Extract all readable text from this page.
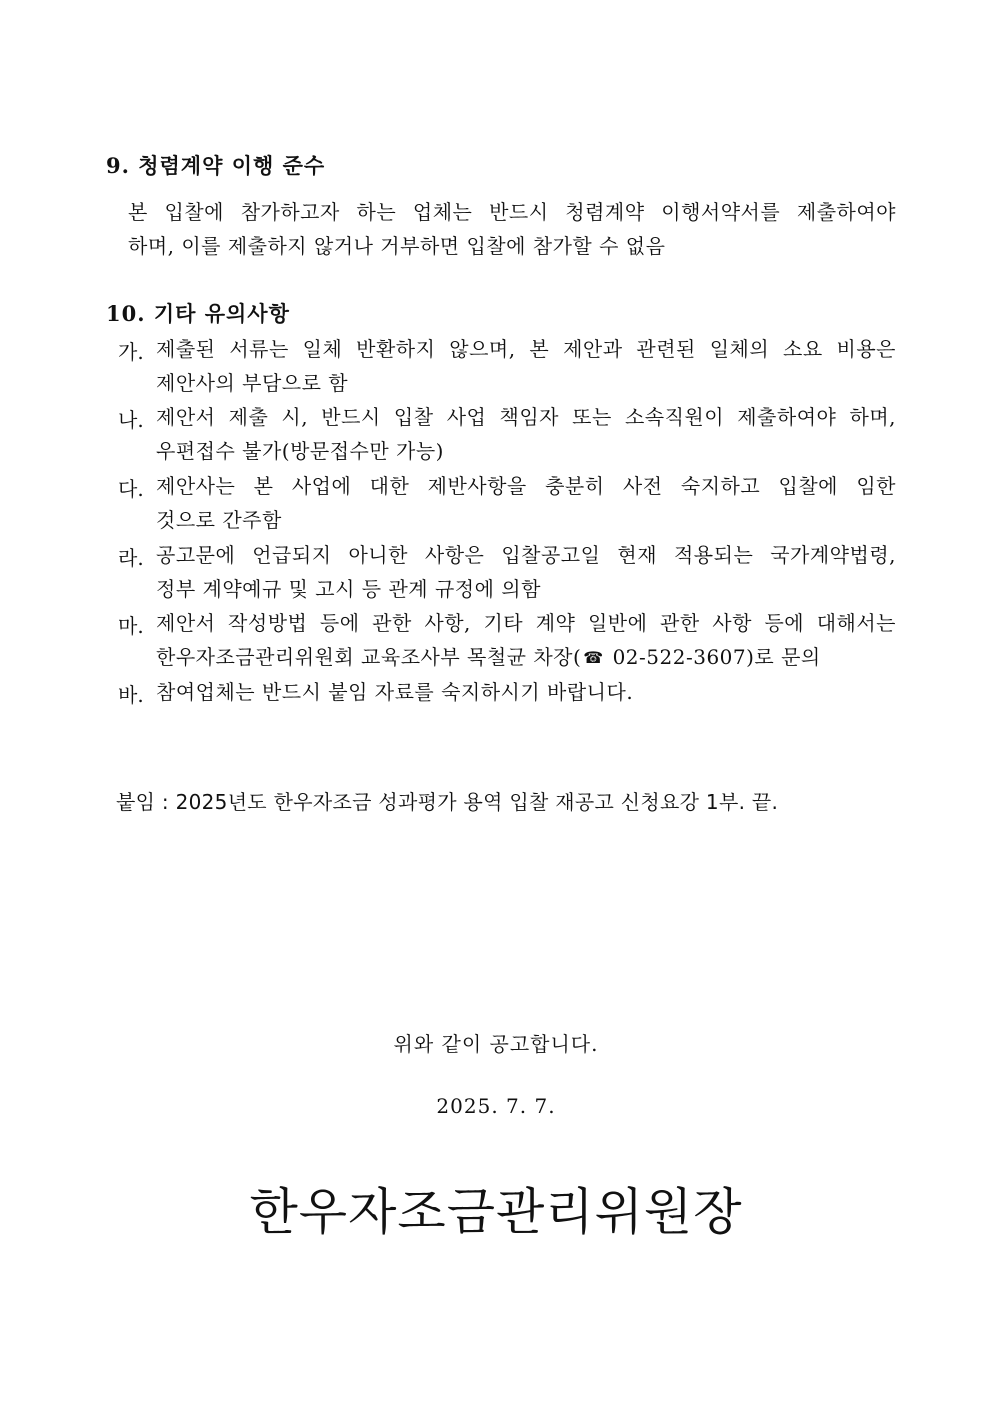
9. 청렴계약 이행 준수
본 입찰에 참가하고자 하는 업체는 반드시 청렴계약 이행서약서를 제출하여야
하며, 이를 제출하지 않거나 거부하면 입찰에 참가할 수 없음
10. 기타 유의사항
가. 제출된 서류는 일체 반환하지 않으며, 본 제안과 관련된 일체의 소요 비용은
제안사의 부담으로 함
나. 제안서 제출 시, 반드시 입찰 사업 책임자 또는 소속직원이 제출하여야 하며,
우편접수 불가(방문접수만 가능)
다. 제안사는 본 사업에 대한 제반사항을 충분히 사전 숙지하고 입찰에 임한
것으로 간주함
라. 공고문에 언급되지 아니한 사항은 입찰공고일 현재 적용되는 국가계약법령,
정부 계약예규 및 고시 등 관계 규정에 의함
마. 제안서 작성방법 등에 관한 사항, 기타 계약 일반에 관한 사항 등에 대해서는
한우자조금관리위원회 교육조사부 목철균 차장( ☎ 02-522-3607)로 문의
바. 참여업체는 반드시 붙임 자료를 숙지하시기 바랍니다.
붙임 : 2025년도 한우자조금 성과평가 용역 입찰 재공고 신청요강 1부. 끝.
위와 같이 공고합니다.
2025. 7. 7.
한우자조금관리위원장
